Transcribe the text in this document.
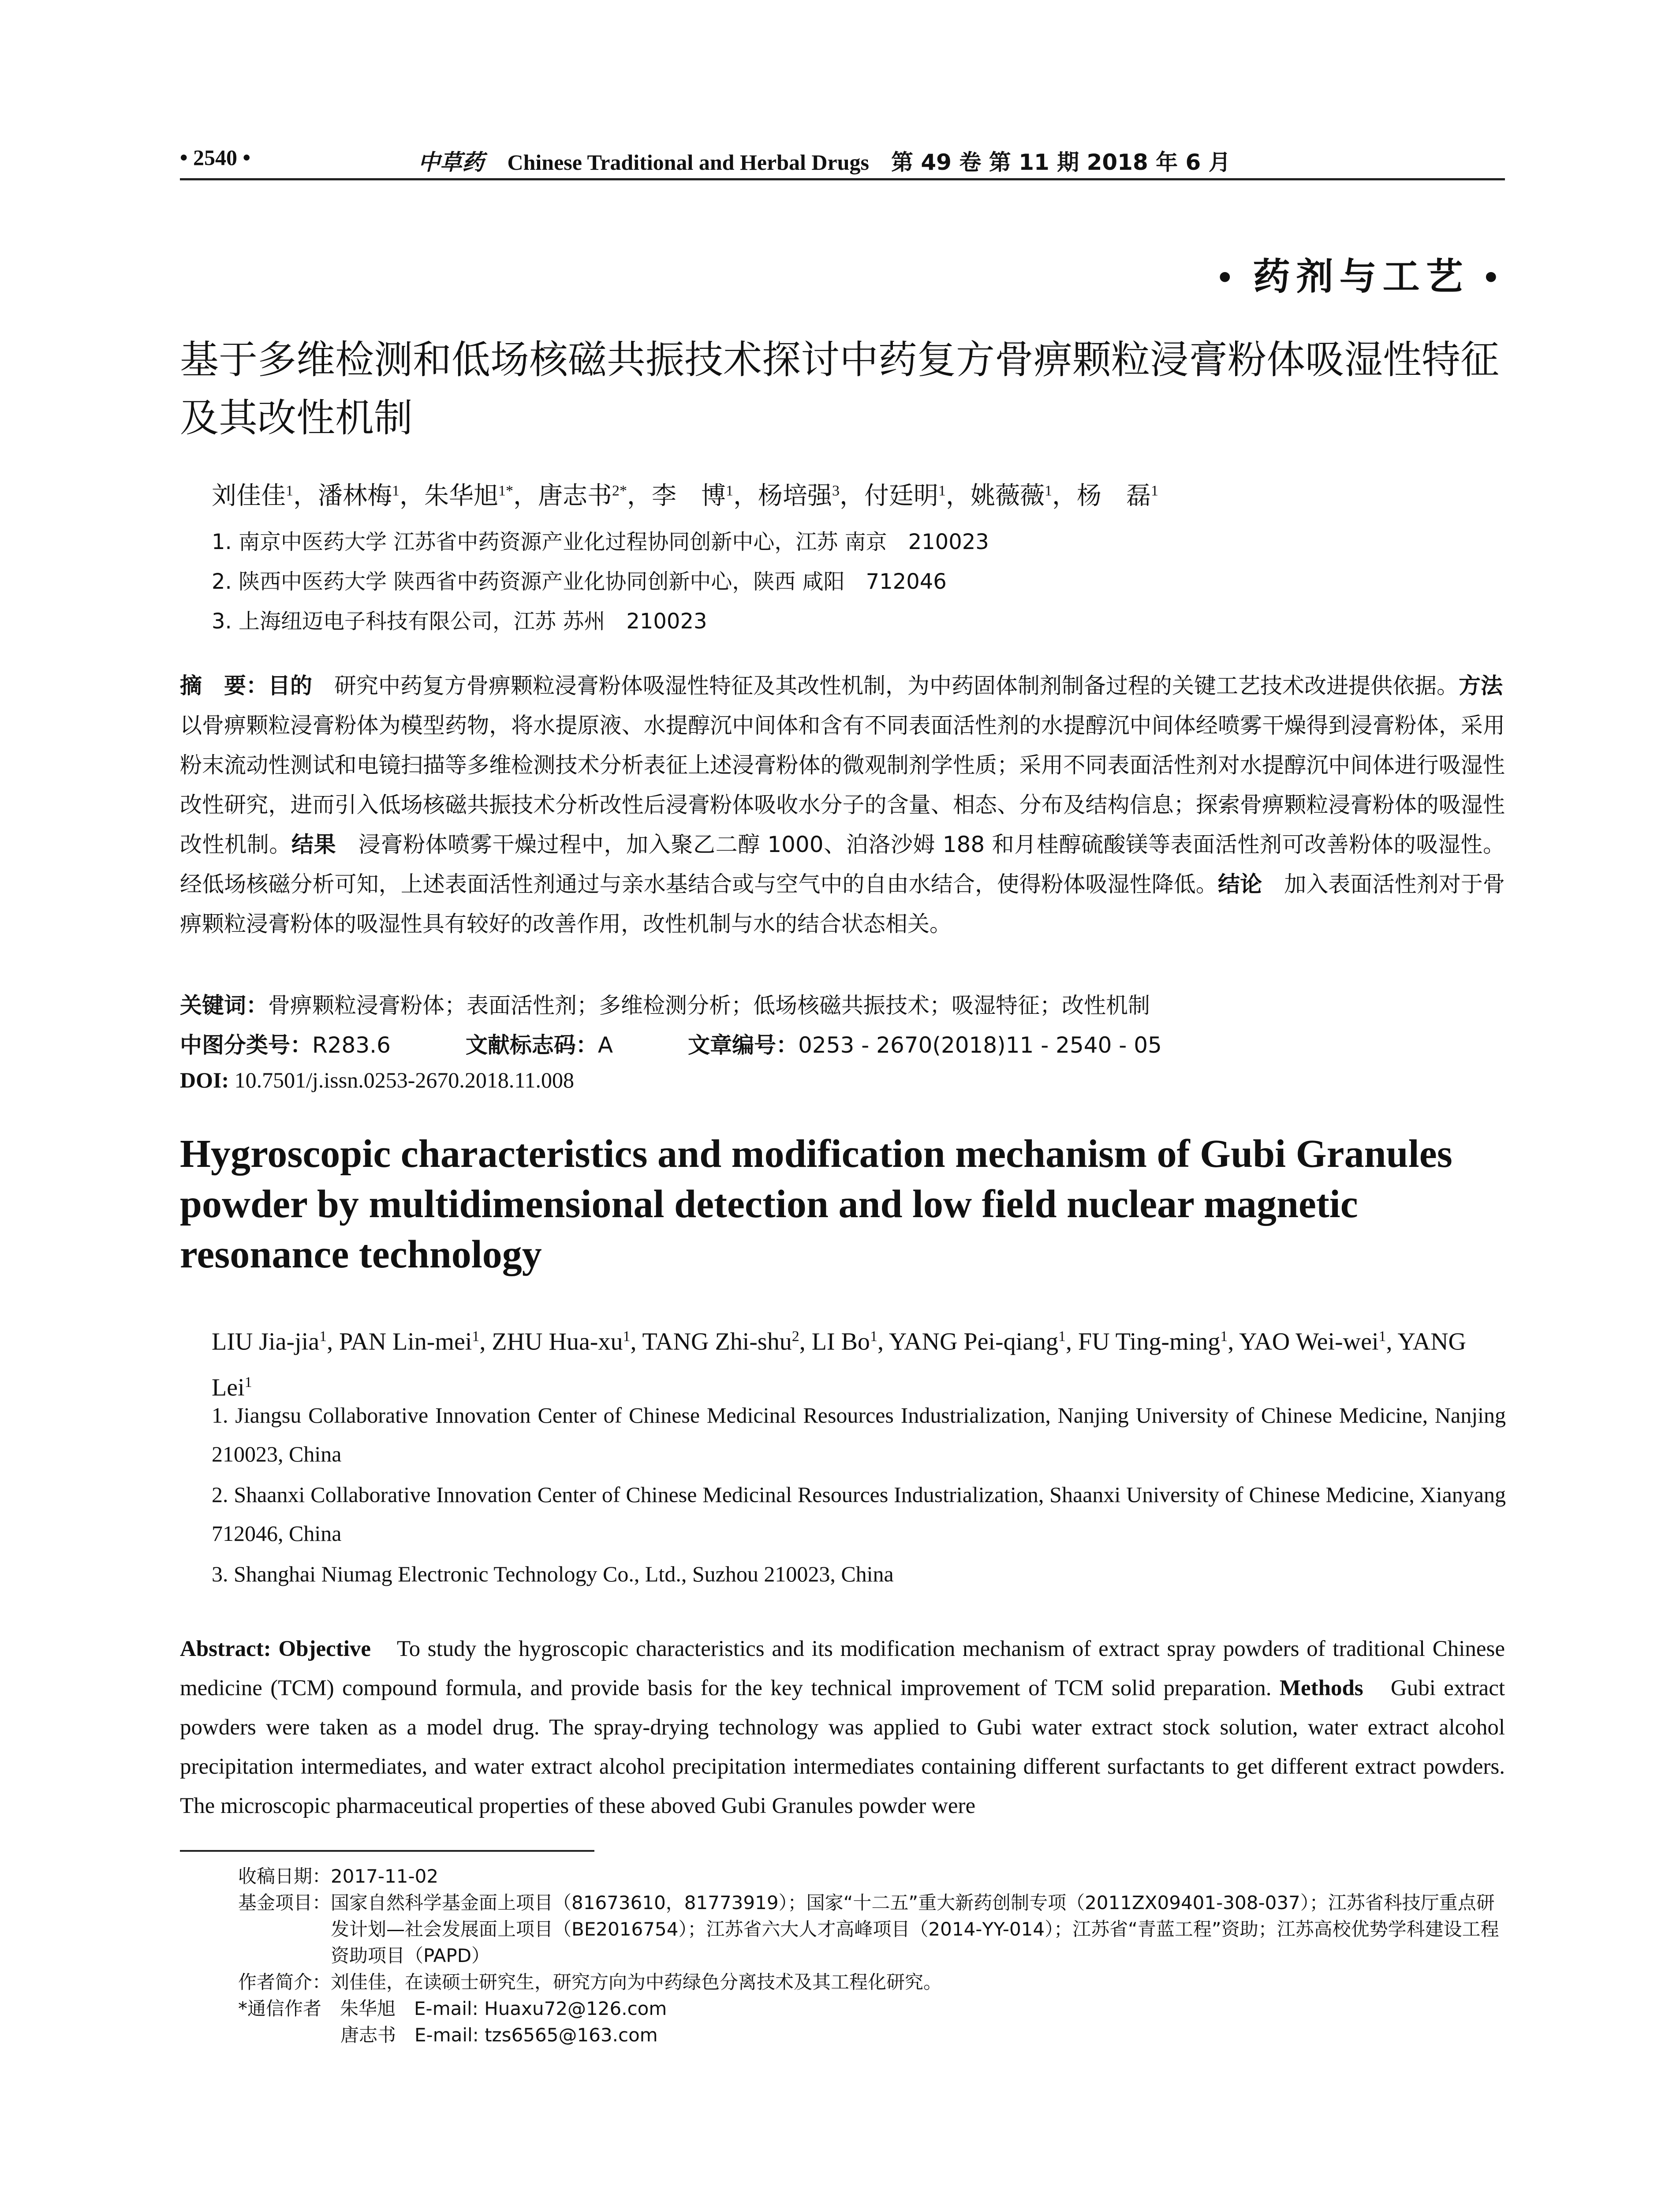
• 2540 •	中草药 Chinese Traditional and Herbal Drugs 第 49 卷 第 11 期 2018 年 6 月
• 药剂与工艺 •
基于多维检测和低场核磁共振技术探讨中药复方骨痹颗粒浸膏粉体吸湿性特征及其改性机制
刘佳佳$^1$，潘林梅$^1$，朱华旭$^{1*}$，唐志书$^{2*}$，李　博$^1$，杨培强$^3$，付廷明$^1$，姚薇薇$^1$，杨　磊$^1$
1. 南京中医药大学 江苏省中药资源产业化过程协同创新中心，江苏 南京　210023
2. 陕西中医药大学 陕西省中药资源产业化协同创新中心，陕西 咸阳　712046
3. 上海纽迈电子科技有限公司，江苏 苏州　210023

摘　要：目的　研究中药复方骨痹颗粒浸膏粉体吸湿性特征及其改性机制，为中药固体制剂制备过程的关键工艺技术改进提供依据。方法　以骨痹颗粒浸膏粉体为模型药物，将水提原液、水提醇沉中间体和含有不同表面活性剂的水提醇沉中间体经喷雾干燥得到浸膏粉体，采用粉末流动性测试和电镜扫描等多维检测技术分析表征上述浸膏粉体的微观制剂学性质；采用不同表面活性剂对水提醇沉中间体进行吸湿性改性研究，进而引入低场核磁共振技术分析改性后浸膏粉体吸收水分子的含量、相态、分布及结构信息；探索骨痹颗粒浸膏粉体的吸湿性改性机制。结果　浸膏粉体喷雾干燥过程中，加入聚乙二醇 1000、泊洛沙姆 188 和月桂醇硫酸镁等表面活性剂可改善粉体的吸湿性。经低场核磁分析可知，上述表面活性剂通过与亲水基结合或与空气中的自由水结合，使得粉体吸湿性降低。结论　加入表面活性剂对于骨痹颗粒浸膏粉体的吸湿性具有较好的改善作用，改性机制与水的结合状态相关。

关键词：骨痹颗粒浸膏粉体；表面活性剂；多维检测分析；低场核磁共振技术；吸湿特征；改性机制
中图分类号：R283.6	文献标志码：A	文章编号：0253 - 2670(2018)11 - 2540 - 05
DOI: 10.7501/j.issn.0253-2670.2018.11.008
Hygroscopic characteristics and modification mechanism of Gubi Granules powder by multidimensional detection and low field nuclear magnetic resonance technology

LIU Jia-jia$^1$, PAN Lin-mei$^1$, ZHU Hua-$xu^1$, TANG Zhi-shu$^2$, LI Bo$^1$, YANG Pei-qiang$^1$, FU Ting-ming$^1$, YAO Wei-wei$^1$, YANG Lei$^1$

1. Jiangsu Collaborative Innovation Center of Chinese Medicinal Resources Industrialization, Nanjing University of Chinese Medicine, Nanjing 210023, China

2. Shaanxi Collaborative Innovation Center of Chinese Medicinal Resources Industrialization, Shaanxi University of Chinese Medicine, Xianyang 712046, China

3. Shanghai Niumag Electronic Technology Co., Ltd., Suzhou 210023, China

Abstract: Objective　To study the hygroscopic characteristics and its modification mechanism of extract spray powders of traditional Chinese medicine (TCM) compound formula, and provide basis for the key technical improvement of TCM solid preparation. Methods　Gubi extract powders were taken as a model drug. The spray-drying technology was applied to Gubi water extract stock solution, water extract alcohol precipitation intermediates, and water extract alcohol precipitation intermediates containing different surfactants to get different extract powders. The microscopic pharmaceutical properties of these aboved Gubi Granules powder were

收稿日期： 2017-11-02
基金项目： 国家自然科学基金面上项目（81673610，81773919）；国家“十二五”重大新药创制专项（2011ZX09401-308-037）；江苏省科技厅重点研发计划—社会发展面上项目（BE2016754）；江苏省六大人才高峰项目（2014-YY-014）；江苏省“青蓝工程”资助；江苏高校优势学科建设工程资助项目（PAPD）
作者简介： 刘佳佳，在读硕士研究生，研究方向为中药绿色分离技术及其工程化研究。
*通信作者 　朱华旭　E-mail: Huaxu72@126.com
　唐志书　E-mail: tzs6565@163.com
